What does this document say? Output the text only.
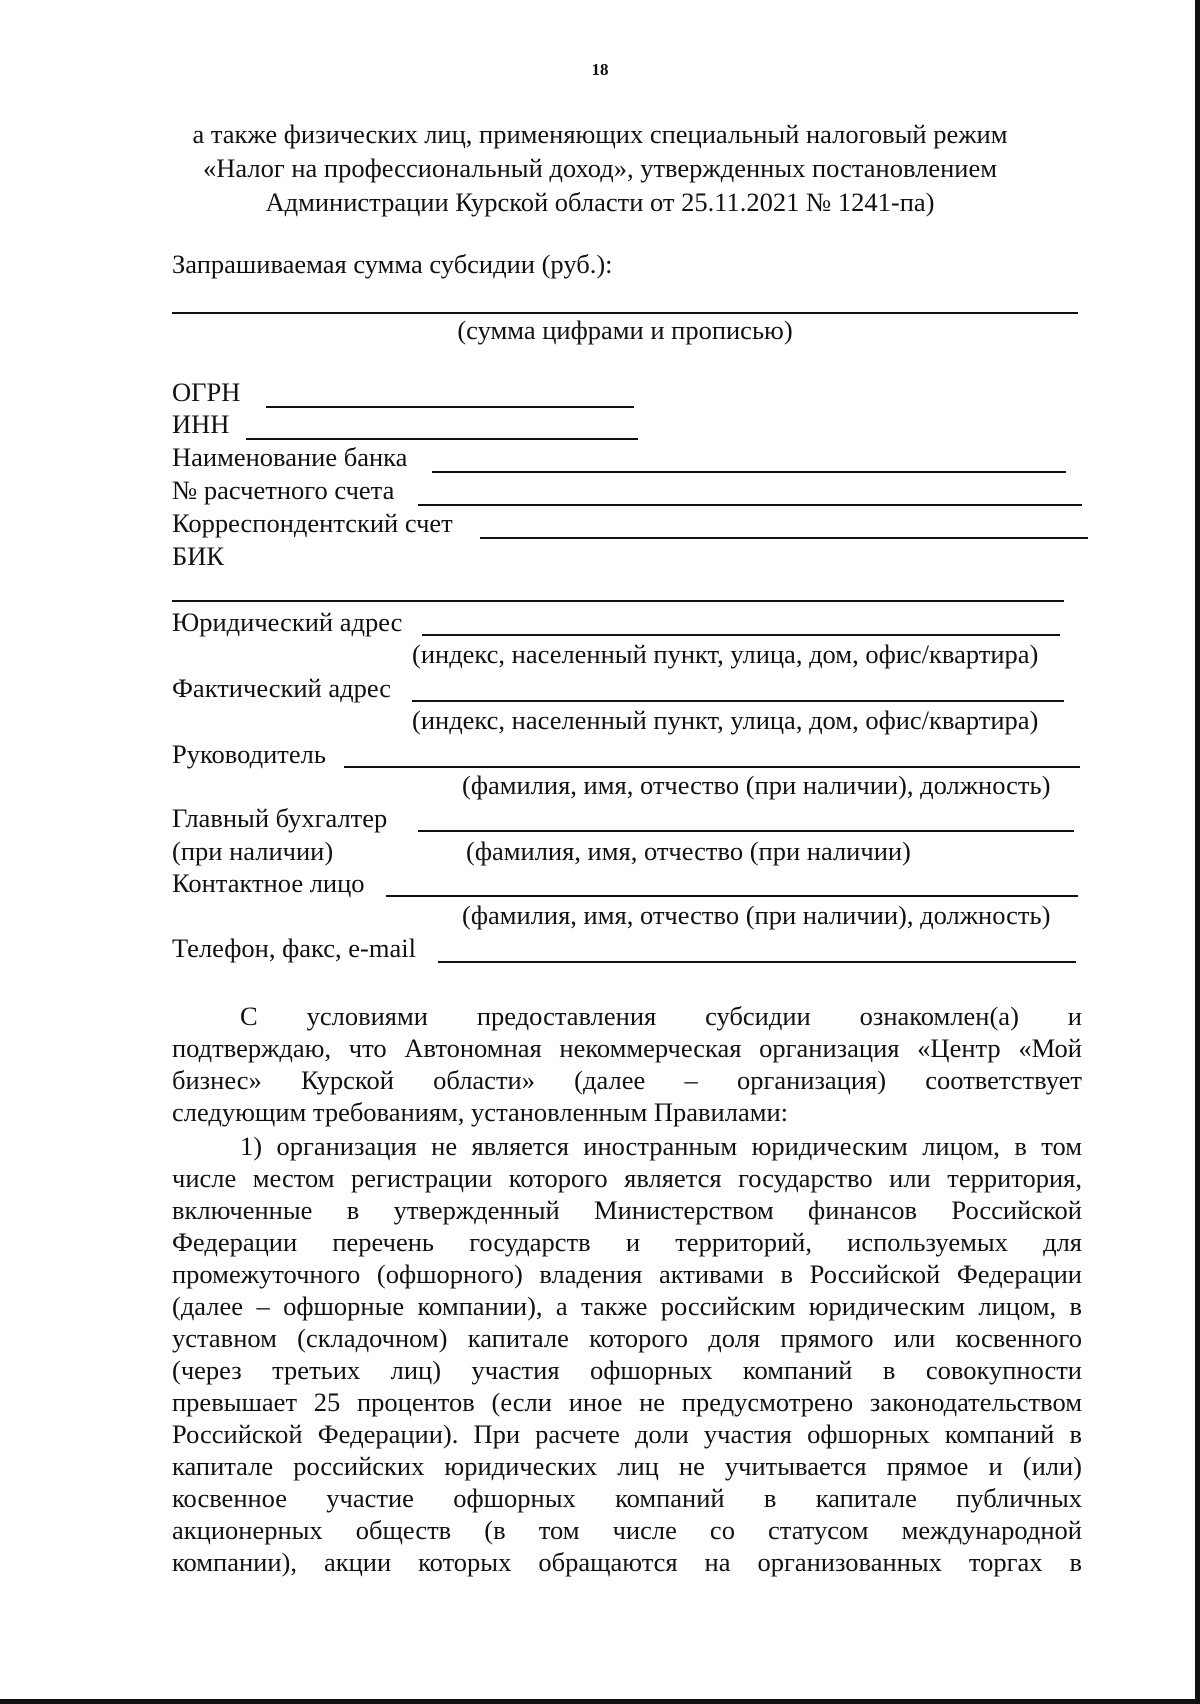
18
а также физических лиц, применяющих специальный налоговый режим
«Налог на профессиональный доход», утвержденных постановлением
Администрации Курской области от 25.11.2021 № 1241-па)
Запрашиваемая сумма субсидии (руб.):
(сумма цифрами и прописью)
ОГРН
ИНН
Наименование банка
№ расчетного счета
Корреспондентский счет
БИК
Юридический адрес
(индекс, населенный пункт, улица, дом, офис/квартира)
Фактический адрес
(индекс, населенный пункт, улица, дом, офис/квартира)
Руководитель
(фамилия, имя, отчество (при наличии), должность)
Главный бухгалтер
(при наличии)	(фамилия, имя, отчество (при наличии)
Контактное лицо
(фамилия, имя, отчество (при наличии), должность)
Телефон, факс, e-mail
С условиями предоставления субсидии ознакомлен(а) и
подтверждаю, что Автономная некоммерческая организация «Центр «Мой
бизнес» Курской области» (далее – организация) соответствует
следующим требованиям, установленным Правилами:
1) организация не является иностранным юридическим лицом, в том
числе местом регистрации которого является государство или территория,
включенные в утвержденный Министерством финансов Российской
Федерации перечень государств и территорий, используемых для
промежуточного (офшорного) владения активами в Российской Федерации
(далее – офшорные компании), а также российским юридическим лицом, в
уставном (складочном) капитале которого доля прямого или косвенного
(через третьих лиц) участия офшорных компаний в совокупности
превышает 25 процентов (если иное не предусмотрено законодательством
Российской Федерации). При расчете доли участия офшорных компаний в
капитале российских юридических лиц не учитывается прямое и (или)
косвенное участие офшорных компаний в капитале публичных
акционерных обществ (в том числе со статусом международной
компании), акции которых обращаются на организованных торгах в
